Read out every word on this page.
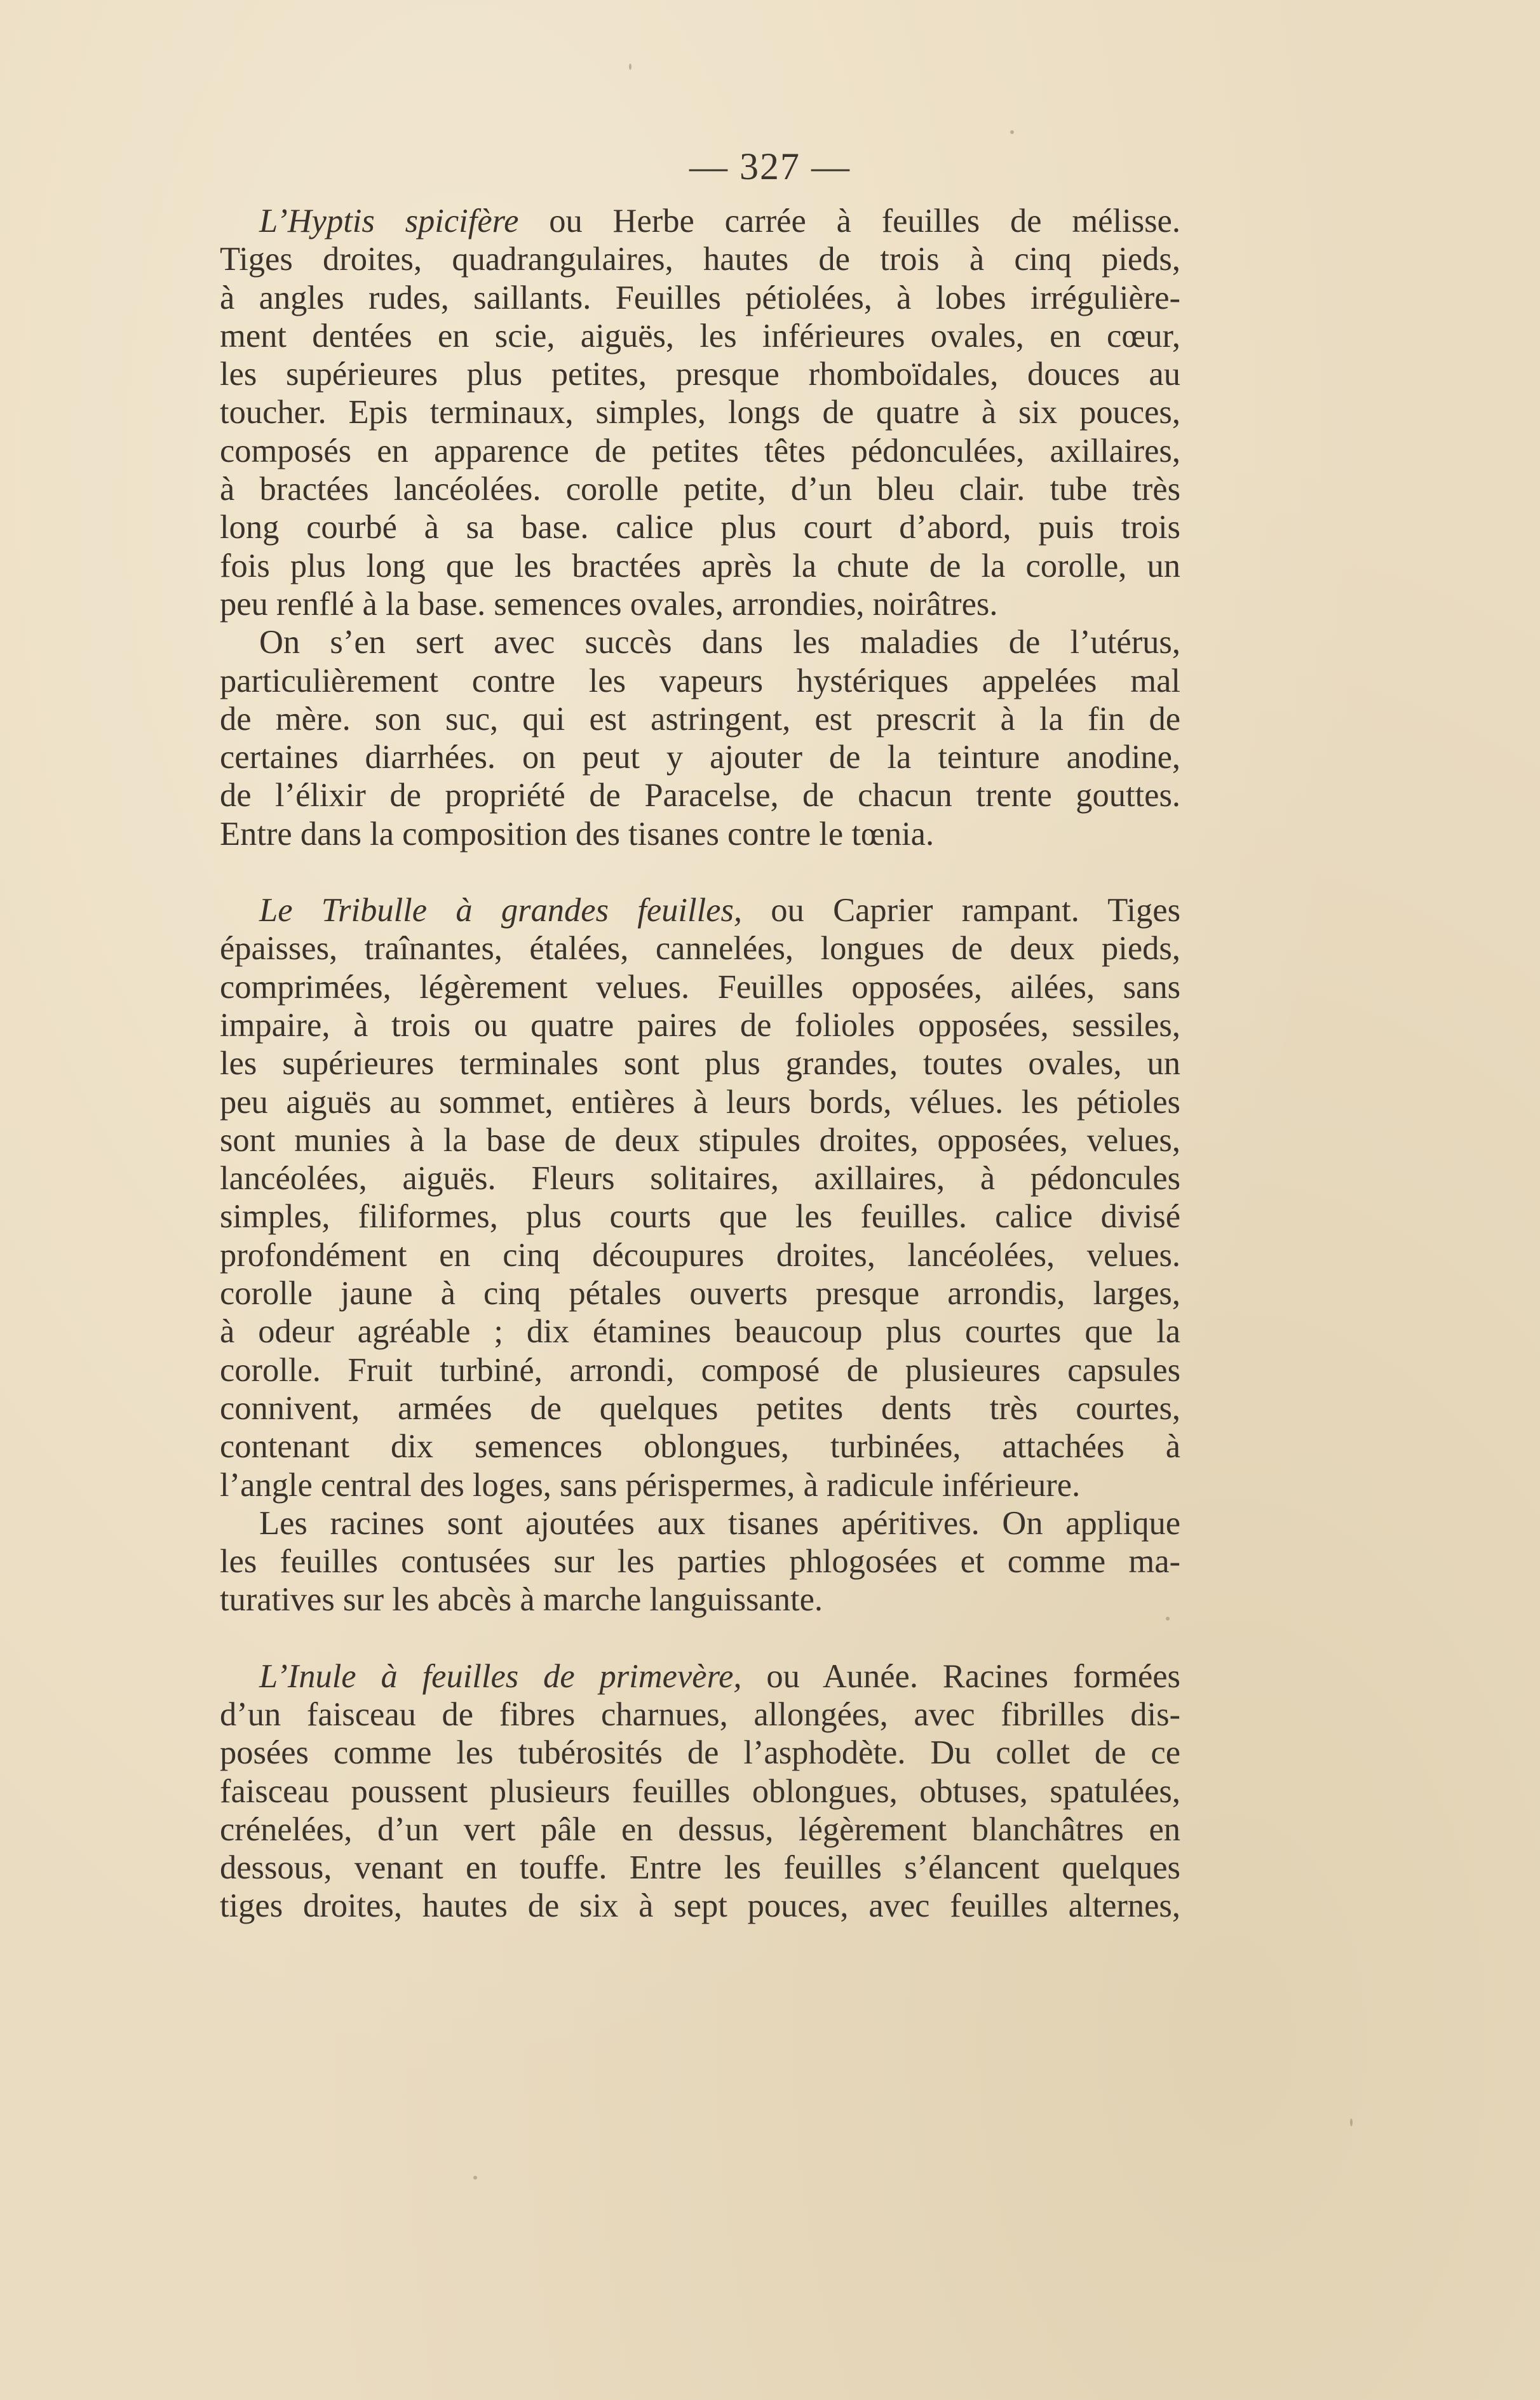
— 327 —
L’Hyptis spicifère ou Herbe carrée à feuilles de mélisse.
Tiges droites, quadrangulaires, hautes de trois à cinq pieds,
à angles rudes, saillants. Feuilles pétiolées, à lobes irrégulière-
ment dentées en scie, aiguës, les inférieures ovales, en cœur,
les supérieures plus petites, presque rhomboïdales, douces au
toucher. Epis terminaux, simples, longs de quatre à six pouces,
composés en apparence de petites têtes pédonculées, axillaires,
à bractées lancéolées. corolle petite, d’un bleu clair. tube très
long courbé à sa base. calice plus court d’abord, puis trois
fois plus long que les bractées après la chute de la corolle, un
peu renflé à la base. semences ovales, arrondies, noirâtres.
On s’en sert avec succès dans les maladies de l’utérus,
particulièrement contre les vapeurs hystériques appelées mal
de mère. son suc, qui est astringent, est prescrit à la fin de
certaines diarrhées. on peut y ajouter de la teinture anodine,
de l’élixir de propriété de Paracelse, de chacun trente gouttes.
Entre dans la composition des tisanes contre le tœnia.
Le Tribulle à grandes feuilles, ou Caprier rampant. Tiges
épaisses, traînantes, étalées, cannelées, longues de deux pieds,
comprimées, légèrement velues. Feuilles opposées, ailées, sans
impaire, à trois ou quatre paires de folioles opposées, sessiles,
les supérieures terminales sont plus grandes, toutes ovales, un
peu aiguës au sommet, entières à leurs bords, vélues. les pétioles
sont munies à la base de deux stipules droites, opposées, velues,
lancéolées, aiguës. Fleurs solitaires, axillaires, à pédoncules
simples, filiformes, plus courts que les feuilles. calice divisé
profondément en cinq découpures droites, lancéolées, velues.
corolle jaune à cinq pétales ouverts presque arrondis, larges,
à odeur agréable ; dix étamines beaucoup plus courtes que la
corolle. Fruit turbiné, arrondi, composé de plusieures capsules
connivent, armées de quelques petites dents très courtes,
contenant dix semences oblongues, turbinées, attachées à
l’angle central des loges, sans périspermes, à radicule inférieure.
Les racines sont ajoutées aux tisanes apéritives. On applique
les feuilles contusées sur les parties phlogosées et comme ma-
turatives sur les abcès à marche languissante.
L’Inule à feuilles de primevère, ou Aunée. Racines formées
d’un faisceau de fibres charnues, allongées, avec fibrilles dis-
posées comme les tubérosités de l’asphodète. Du collet de ce
faisceau poussent plusieurs feuilles oblongues, obtuses, spatulées,
crénelées, d’un vert pâle en dessus, légèrement blanchâtres en
dessous, venant en touffe. Entre les feuilles s’élancent quelques
tiges droites, hautes de six à sept pouces, avec feuilles alternes,
